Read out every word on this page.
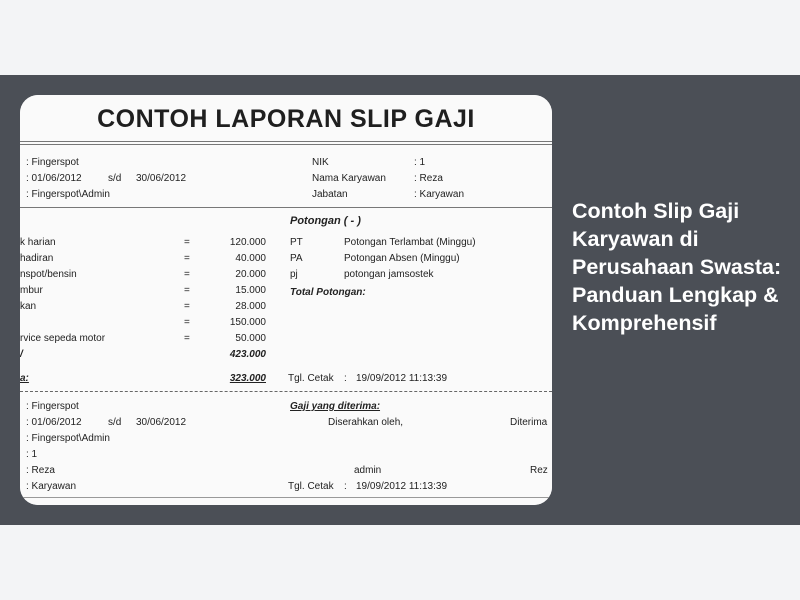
CONTOH LAPORAN SLIP GAJI
: Fingerspot
: 01/06/2012	s/d 30/06/2012
: Fingerspot\Admin
NIK	: 1
Nama Karyawan	: Reza
Jabatan	: Karyawan
Potongan ( - )
k harian	=	120.000
hadiran	=	40.000
nspot/bensin	=	20.000
mbur	=	15.000
kan	=	28.000
=	150.000
rvice sepeda motor	=	50.000
/	423.000
a:	323.000
PT	Potongan Terlambat (Minggu)
PA	Potongan Absen (Minggu)
pj	potongan jamsostek
Total Potongan:
Tgl. Cetak : 19/09/2012 11:13:39
: Fingerspot
: 01/06/2012	s/d 30/06/2012
: Fingerspot\Admin
: 1
: Reza
: Karyawan
Gaji yang diterima:
Diserahkan oleh,	Diterima
admin	Rez
Tgl. Cetak : 19/09/2012 11:13:39
Contoh Slip Gaji Karyawan di Perusahaan Swasta: Panduan Lengkap & Komprehensif
